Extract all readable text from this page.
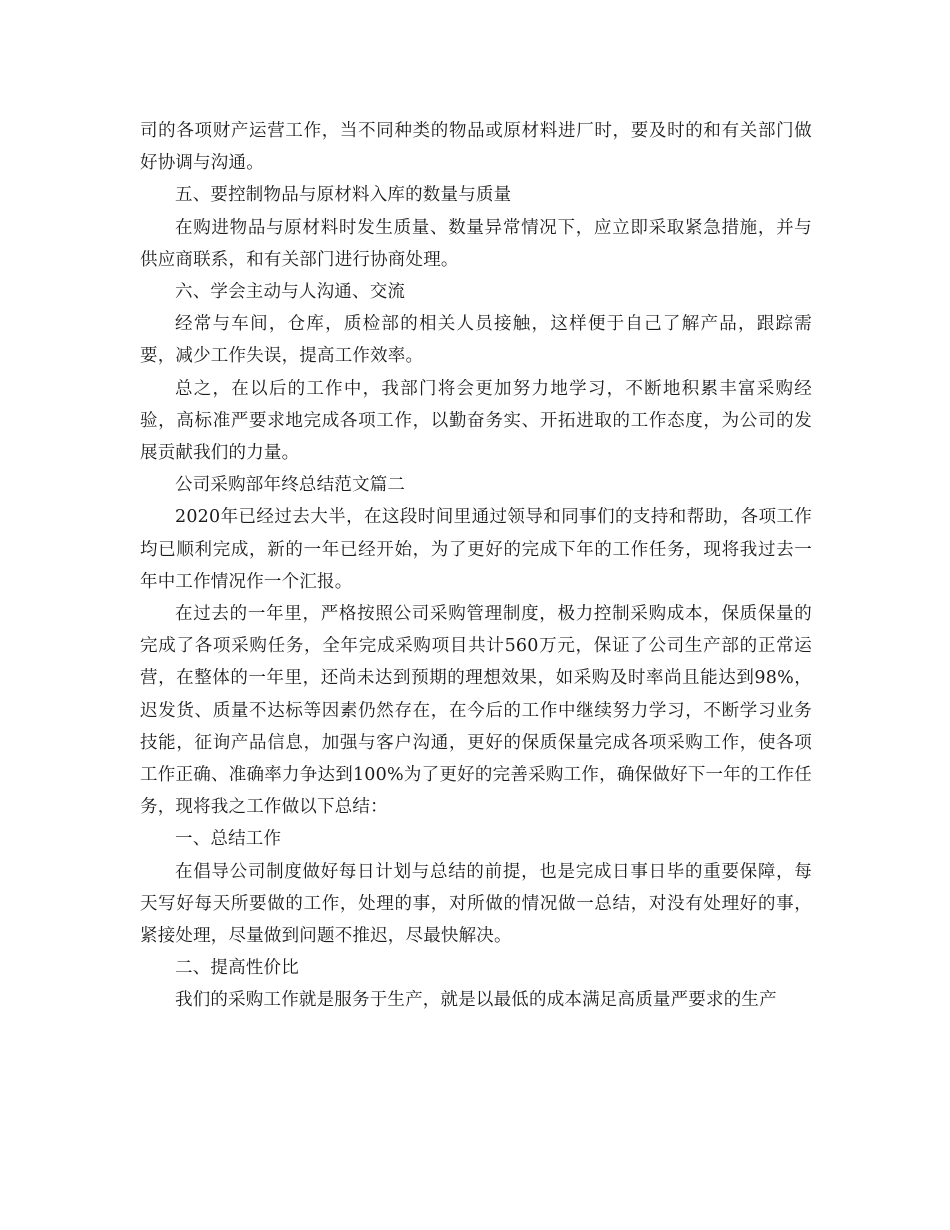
司的各项财产运营工作，当不同种类的物品或原材料进厂时，要及时的和有关部门做好协调与沟通。

五、要控制物品与原材料入库的数量与质量

在购进物品与原材料时发生质量、数量异常情况下，应立即采取紧急措施，并与供应商联系，和有关部门进行协商处理。

六、学会主动与人沟通、交流

经常与车间，仓库，质检部的相关人员接触，这样便于自己了解产品，跟踪需要，减少工作失误，提高工作效率。

总之，在以后的工作中，我部门将会更加努力地学习，不断地积累丰富采购经验，高标准严要求地完成各项工作，以勤奋务实、开拓进取的工作态度，为公司的发展贡献我们的力量。

公司采购部年终总结范文篇二

2020年已经过去大半，在这段时间里通过领导和同事们的支持和帮助，各项工作均已顺利完成，新的一年已经开始，为了更好的完成下年的工作任务，现将我过去一年中工作情况作一个汇报。

在过去的一年里，严格按照公司采购管理制度，极力控制采购成本，保质保量的完成了各项采购任务，全年完成采购项目共计560万元，保证了公司生产部的正常运营，在整体的一年里，还尚未达到预期的理想效果，如采购及时率尚且能达到98%，迟发货、质量不达标等因素仍然存在，在今后的工作中继续努力学习，不断学习业务技能，征询产品信息，加强与客户沟通，更好的保质保量完成各项采购工作，使各项工作正确、准确率力争达到100%为了更好的完善采购工作，确保做好下一年的工作任务，现将我之工作做以下总结：

一、总结工作

在倡导公司制度做好每日计划与总结的前提，也是完成日事日毕的重要保障，每天写好每天所要做的工作，处理的事，对所做的情况做一总结，对没有处理好的事，紧接处理，尽量做到问题不推迟，尽最快解决。

二、提高性价比

我们的采购工作就是服务于生产，就是以最低的成本满足高质量严要求的生产
